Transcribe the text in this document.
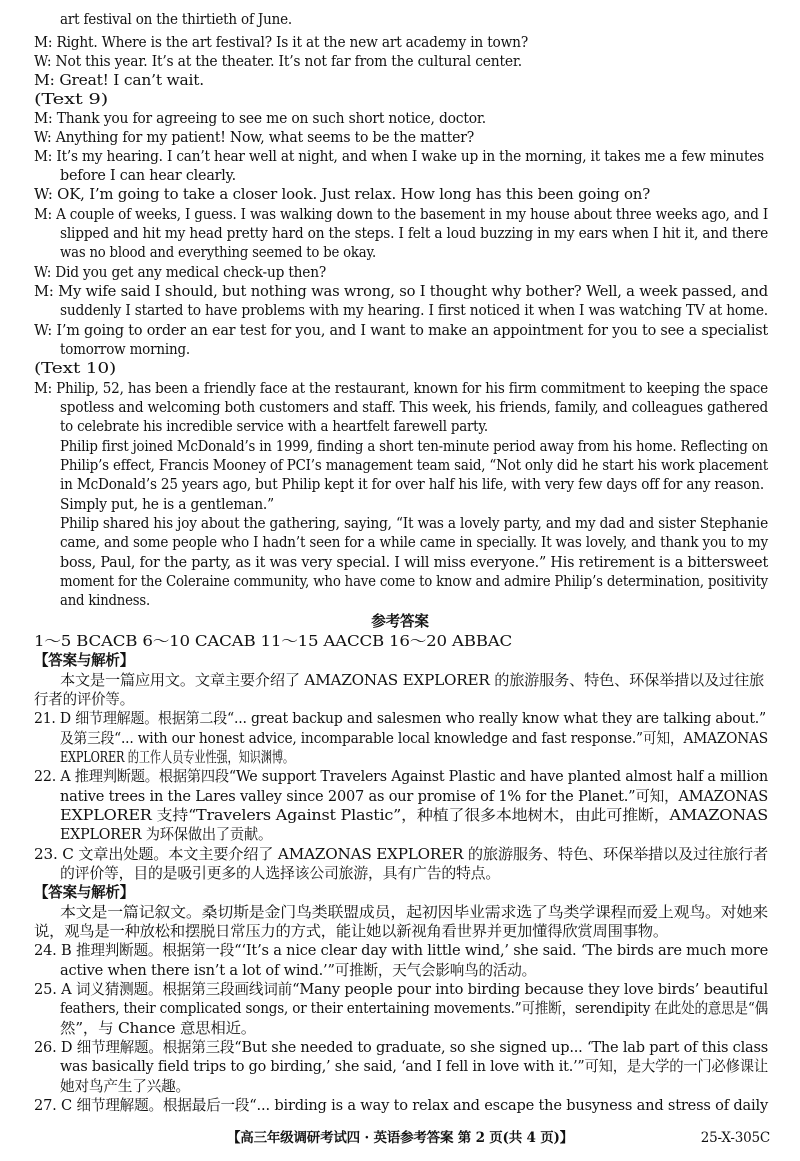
art festival on the thirtieth of June.
M: Right. Where is the art festival? Is it at the new art academy in town?
W: Not this year. It’s at the theater. It’s not far from the cultural center.
M: Great! I can’t wait.
(Text 9)
M: Thank you for agreeing to see me on such short notice, doctor.
W: Anything for my patient! Now, what seems to be the matter?
M: It’s my hearing. I can’t hear well at night, and when I wake up in the morning, it takes me a few minutes
before I can hear clearly.
W: OK, I’m going to take a closer look. Just relax. How long has this been going on?
M: A couple of weeks, I guess. I was walking down to the basement in my house about three weeks ago, and I
slipped and hit my head pretty hard on the steps. I felt a loud buzzing in my ears when I hit it, and there
was no blood and everything seemed to be okay.
W: Did you get any medical check-up then?
M: My wife said I should, but nothing was wrong, so I thought why bother? Well, a week passed, and
suddenly I started to have problems with my hearing. I first noticed it when I was watching TV at home.
W: I’m going to order an ear test for you, and I want to make an appointment for you to see a specialist
tomorrow morning.
(Text 10)
M: Philip, 52, has been a friendly face at the restaurant, known for his firm commitment to keeping the space
spotless and welcoming both customers and staff. This week, his friends, family, and colleagues gathered
to celebrate his incredible service with a heartfelt farewell party.
Philip first joined McDonald’s in 1999, finding a short ten-minute period away from his home. Reflecting on
Philip’s effect, Francis Mooney of PCI’s management team said, “Not only did he start his work placement
in McDonald’s 25 years ago, but Philip kept it for over half his life, with very few days off for any reason.
Simply put, he is a gentleman.”
Philip shared his joy about the gathering, saying, “It was a lovely party, and my dad and sister Stephanie
came, and some people who I hadn’t seen for a while came in specially. It was lovely, and thank you to my
boss, Paul, for the party, as it was very special. I will miss everyone.” His retirement is a bittersweet
moment for the Coleraine community, who have come to know and admire Philip’s determination, positivity
and kindness.
参考答案
1～5 BCACB 6～10 CACAB 11～15 AACCB 16～20 ABBAC
【答案与解析】
本文是一篇应用文。文章主要介绍了 AMAZONAS EXPLORER 的旅游服务、特色、环保举措以及过往旅
行者的评价等。
21. D 细节理解题。根据第二段“... great backup and salesmen who really know what they are talking about.”
及第三段“... with our honest advice, incomparable local knowledge and fast response.”可知，AMAZONAS
EXPLORER 的工作人员专业性强，知识渊博。
22. A 推理判断题。根据第四段“We support Travelers Against Plastic and have planted almost half a million
native trees in the Lares valley since 2007 as our promise of 1% for the Planet.”可知，AMAZONAS
EXPLORER 支持“Travelers Against Plastic”，种植了很多本地树木，由此可推断，AMAZONAS
EXPLORER 为环保做出了贡献。
23. C 文章出处题。本文主要介绍了 AMAZONAS EXPLORER 的旅游服务、特色、环保举措以及过往旅行者
的评价等，目的是吸引更多的人选择该公司旅游，具有广告的特点。
【答案与解析】
本文是一篇记叙文。桑切斯是金门鸟类联盟成员，起初因毕业需求选了鸟类学课程而爱上观鸟。对她来
说，观鸟是一种放松和摆脱日常压力的方式，能让她以新视角看世界并更加懂得欣赏周围事物。
24. B 推理判断题。根据第一段“‘It’s a nice clear day with little wind,’ she said. ‘The birds are much more
active when there isn’t a lot of wind.’”可推断，天气会影响鸟的活动。
25. A 词义猜测题。根据第三段画线词前“Many people pour into birding because they love birds’ beautiful
feathers, their complicated songs, or their entertaining movements.”可推断，serendipity 在此处的意思是“偶
然”，与 Chance 意思相近。
26. D 细节理解题。根据第三段“But she needed to graduate, so she signed up... ‘The lab part of this class
was basically field trips to go birding,’ she said, ‘and I fell in love with it.’”可知，是大学的一门必修课让
她对鸟产生了兴趣。
27. C 细节理解题。根据最后一段“... birding is a way to relax and escape the busyness and stress of daily
【高三年级调研考试四 · 英语参考答案 第 2 页(共 4 页)】	25-X-305C
